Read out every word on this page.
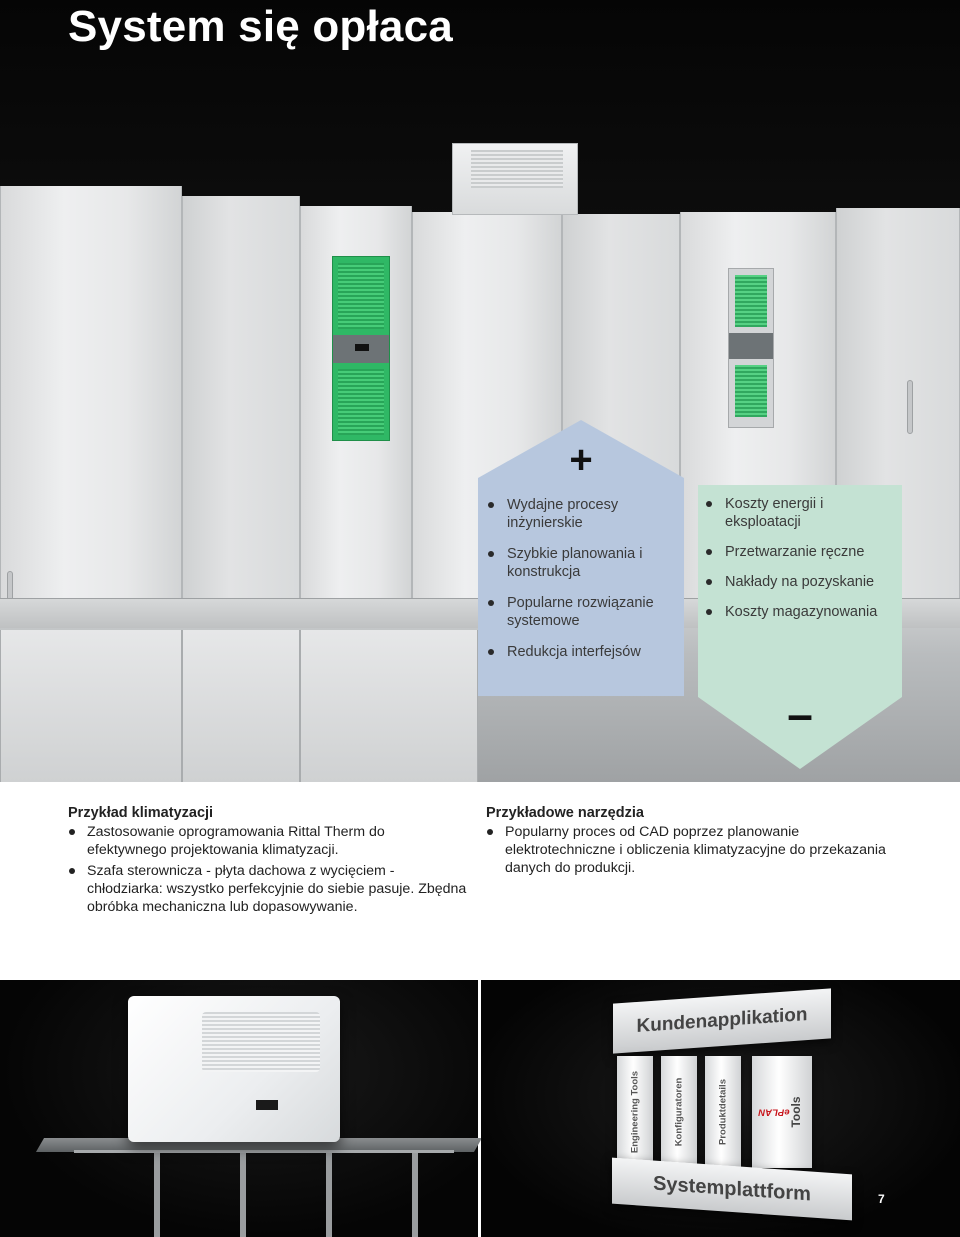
System się opłaca
+
Wydajne procesy inżynierskie
Szybkie planowania i konstrukcja
Popularne rozwiązanie systemowe
Redukcja interfejsów
Koszty energii i eksploatacji
Przetwarzanie ręczne
Nakłady na pozyskanie
Koszty magazynowania
–
Przykład klimatyzacji
Zastosowanie oprogramowania Rittal Therm do efektywnego projektowania klimatyzacji.
Szafa sterownicza - płyta dachowa z wycięciem - chłodziarka: wszystko perfekcyjnie do siebie pasuje. Zbędna obróbka mechaniczna lub dopasowywanie.
Przykładowe narzędzia
Popularny proces od CAD poprzez planowanie elektrotechniczne i obliczenia klimatyzacyjne do przekazania danych do produkcji.
Kundenapplikation
Engineering Tools	Konfiguratoren	Produktdetails	ePLAN Tools
Systemplattform	7
